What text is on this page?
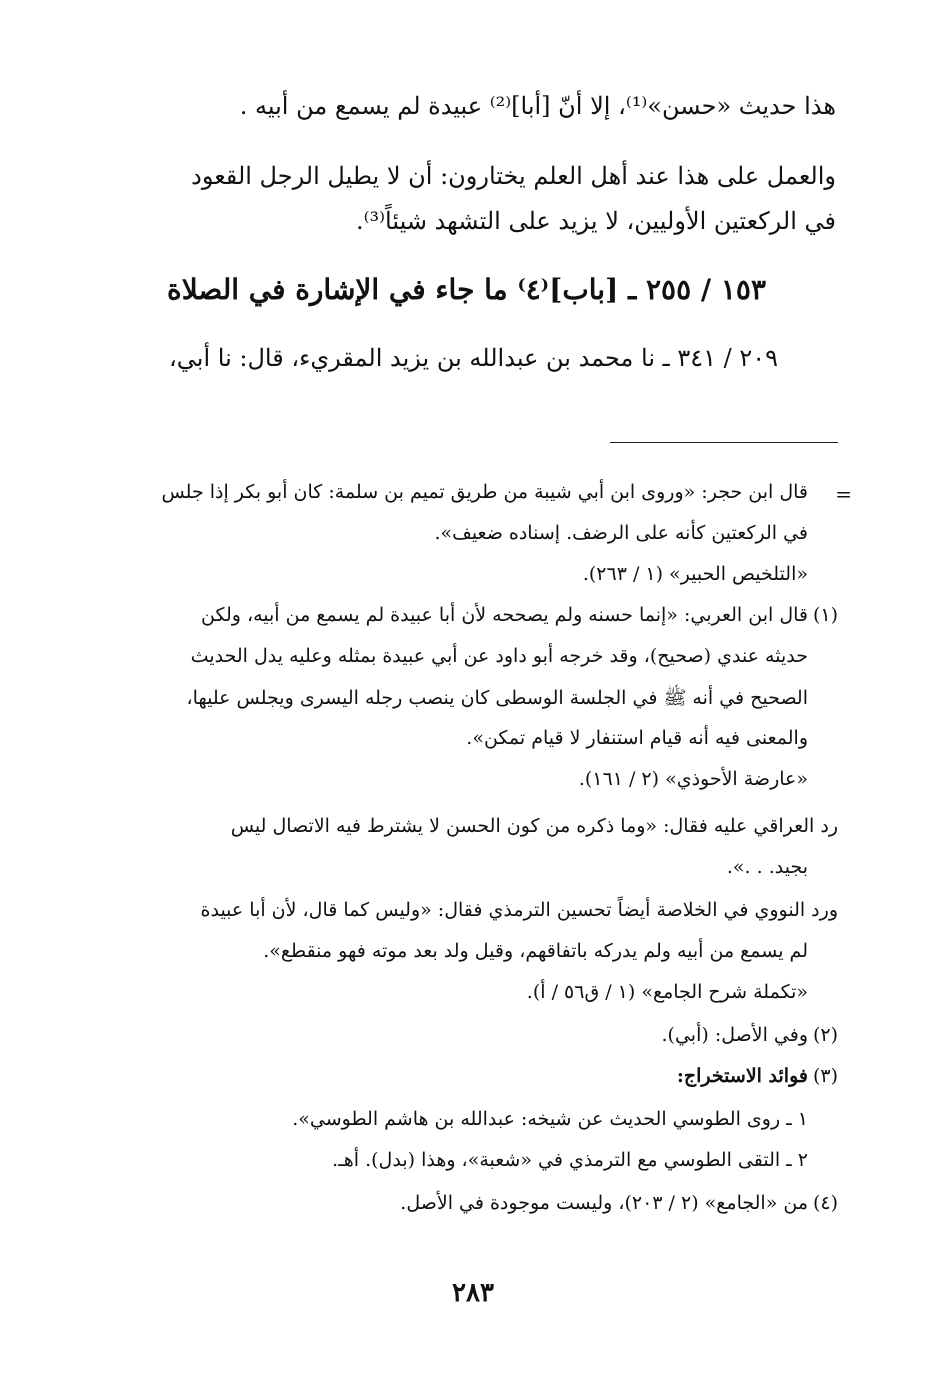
هذا حديث «حسن»⁽¹⁾، إلا أنّ [أبا]⁽²⁾ عبيدة لم يسمع من أبيه .
والعمل على هذا عند أهل العلم يختارون: أن لا يطيل الرجل القعود
في الركعتين الأوليين، لا يزيد على التشهد شيئاً⁽³⁾.
١٥٣ / ٢٥٥ ـ [باب]⁽٤⁾ ما جاء في الإشارة في الصلاة
٢٠٩ / ٣٤١ ـ نا محمد بن عبدالله بن يزيد المقريء، قال: نا أبي،
=
قال ابن حجر: «وروى ابن أبي شيبة من طريق تميم بن سلمة: كان أبو بكر إذا جلس
في الركعتين كأنه على الرضف. إسناده ضعيف».
«التلخيص الحبير» (١ / ٢٦٣).
(١)
قال ابن العربي: «إنما حسنه ولم يصححه لأن أبا عبيدة لم يسمع من أبيه، ولكن
حديثه عندي (صحيح)، وقد خرجه أبو داود عن أبي عبيدة بمثله وعليه يدل الحديث
الصحيح في أنه ﷺ في الجلسة الوسطى كان ينصب رجله اليسرى ويجلس عليها،
والمعنى فيه أنه قيام استنفار لا قيام تمكن».
«عارضة الأحوذي» (٢ / ١٦١).
رد العراقي عليه فقال: «وما ذكره من كون الحسن لا يشترط فيه الاتصال ليس
بجيد. . .».
ورد النووي في الخلاصة أيضاً تحسين الترمذي فقال: «وليس كما قال، لأن أبا عبيدة
لم يسمع من أبيه ولم يدركه باتفاقهم، وقيل ولد بعد موته فهو منقطع».
«تكملة شرح الجامع» (١ / ق٥٦ / أ).
(٢)
وفي الأصل: (أبي).
(٣)
فوائد الاستخراج:
١ ـ روى الطوسي الحديث عن شيخه: عبدالله بن هاشم الطوسي».
٢ ـ التقى الطوسي مع الترمذي في «شعبة»، وهذا (بدل). أهـ.
(٤)
من «الجامع» (٢ / ٢٠٣)، وليست موجودة في الأصل.
٢٨٣
